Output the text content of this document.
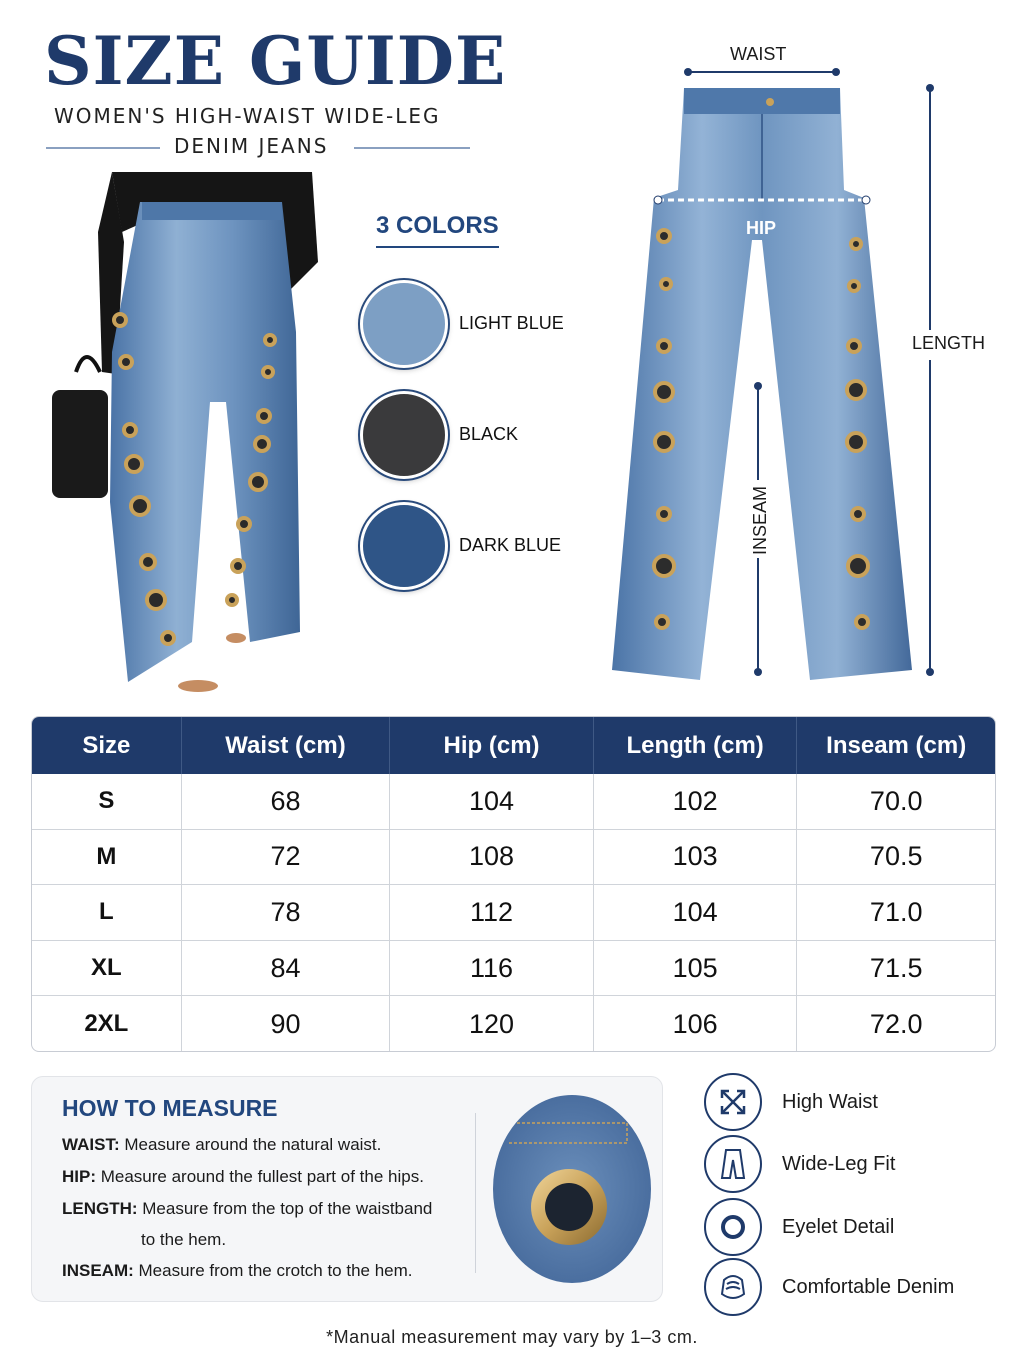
SIZE GUIDE
WOMEN'S HIGH-WAIST WIDE-LEG
DENIM JEANS
3 COLORS
LIGHT BLUE
BLACK
DARK BLUE
WAIST
HIP
LENGTH
INSEAM
Size	Waist (cm)	Hip (cm)	Length (cm)	Inseam (cm)
S	68	104	102	70.0
M	72	108	103	70.5
L	78	112	104	71.0
XL	84	116	105	71.5
2XL	90	120	106	72.0
HOW TO MEASURE
WAIST: Measure around the natural waist.
HIP: Measure around the fullest part of the hips.
LENGTH: Measure from the top of the waistband
to the hem.
INSEAM: Measure from the crotch to the hem.
High Waist
Wide-Leg Fit
Eyelet Detail
Comfortable Denim
*Manual measurement may vary by 1–3 cm.
